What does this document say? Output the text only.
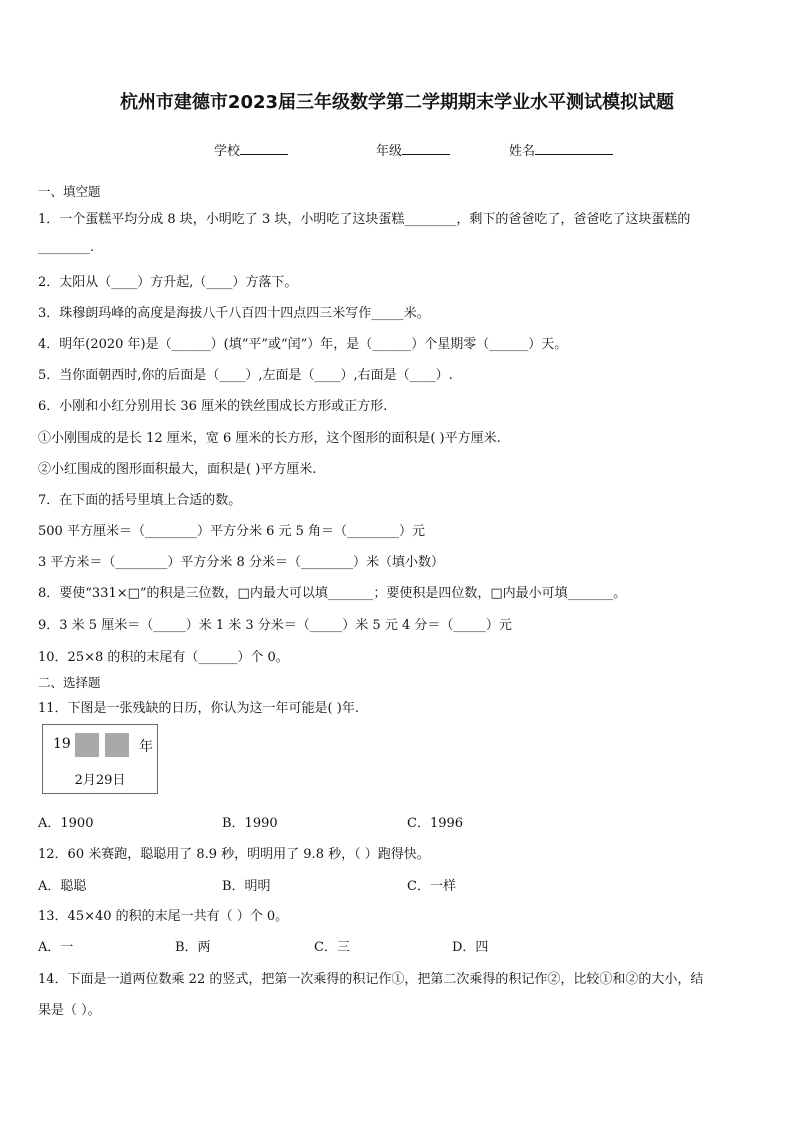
杭州市建德市2023届三年级数学第二学期期末学业水平测试模拟试题
学校	年级	姓名
一、填空题
1．一个蛋糕平均分成 8 块，小明吃了 3 块，小明吃了这块蛋糕________，剩下的爸爸吃了，爸爸吃了这块蛋糕的
________.
2．太阳从（____）方升起,（____）方落下。
3．珠穆朗玛峰的高度是海拔八千八百四十四点四三米写作_____米。
4．明年(2020 年)是（______）(填“平”或“闰”）年，是（______）个星期零（______）天。
5．当你面朝西时,你的后面是（____）,左面是（____）,右面是（____）.
6．小刚和小红分别用长 36 厘米的铁丝围成长方形或正方形.
①小刚围成的是长 12 厘米，宽 6 厘米的长方形，这个图形的面积是( )平方厘米.
②小红围成的图形面积最大，面积是( )平方厘米.
7．在下面的括号里填上合适的数。
500 平方厘米＝（________）平方分米 6 元 5 角＝（________）元
3 平方米＝（________）平方分米 8 分米＝（________）米（填小数）
8．要使“331×□”的积是三位数，□内最大可以填_______；要使积是四位数，□内最小可填_______。
9．3 米 5 厘米＝（_____）米 1 米 3 分米＝（_____）米 5 元 4 分＝（_____）元
10．25×8 的积的末尾有（______）个 0。
二、选择题
11．下图是一张残缺的日历，你认为这一年可能是( )年.
19	年
2月29日
A．1900	B．1990	C．1996
12．60 米赛跑，聪聪用了 8.9 秒，明明用了 9.8 秒，（ ）跑得快。
A．聪聪	B．明明	C．一样
13．45×40 的积的末尾一共有（ ）个 0。
A．一	B．两	C．三	D．四
14．下面是一道两位数乘 22 的竖式，把第一次乘得的积记作①，把第二次乘得的积记作②，比较①和②的大小，结
果是（ ）。
